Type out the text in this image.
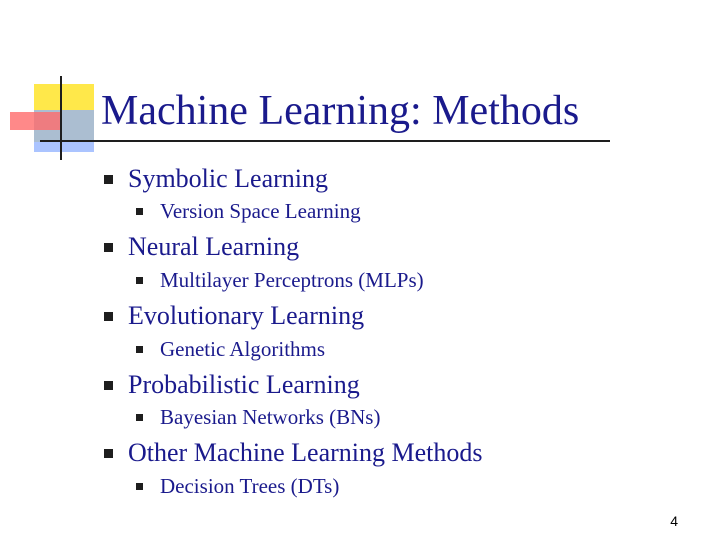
Machine Learning: Methods
Symbolic Learning
Version Space Learning
Neural Learning
Multilayer Perceptrons (MLPs)
Evolutionary Learning
Genetic Algorithms
Probabilistic Learning
Bayesian Networks (BNs)
Other Machine Learning Methods
Decision Trees (DTs)
4
